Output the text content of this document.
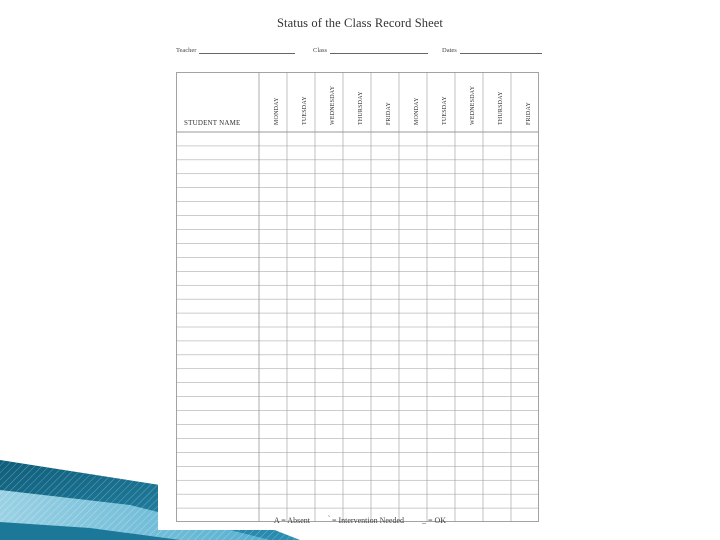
Status of the Class Record Sheet
Teacher	Class	Dates
STUDENT NAME	MONDAY	TUESDAY	WEDNESDAY	THURSDAY	FRIDAY	MONDAY	TUESDAY	WEDNESDAY	THURSDAY	FRIDAY
A = Absent	˜ = Intervention Needed _ = OK
